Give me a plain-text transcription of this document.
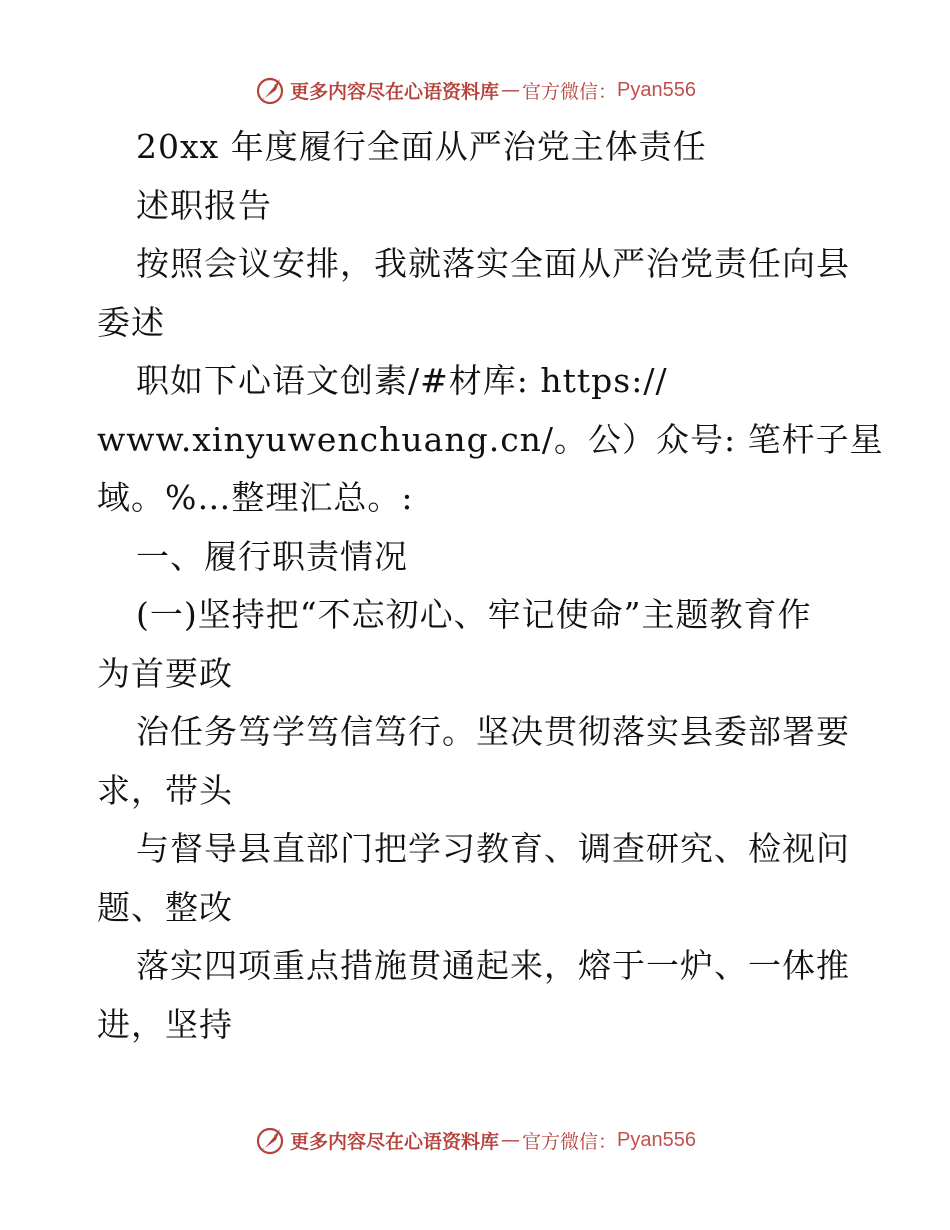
更多内容尽在心语资料库 — 官方微信： Pyan556
20xx 年度履行全面从严治党主体责任
述职报告
按照会议安排，我就落实全面从严治党责任向县
委述
职如下心语文创素/#材库: https://
www.xinyuwenchuang.cn/。公）众号: 笔杆子星
域。%…整理汇总。:
一、履行职责情况
(一)坚持把“不忘初心、牢记使命”主题教育作
为首要政
治任务笃学笃信笃行。坚决贯彻落实县委部署要
求，带头
与督导县直部门把学习教育、调查研究、检视问
题、整改
落实四项重点措施贯通起来，熔于一炉、一体推
进，坚持
更多内容尽在心语资料库 — 官方微信： Pyan556
